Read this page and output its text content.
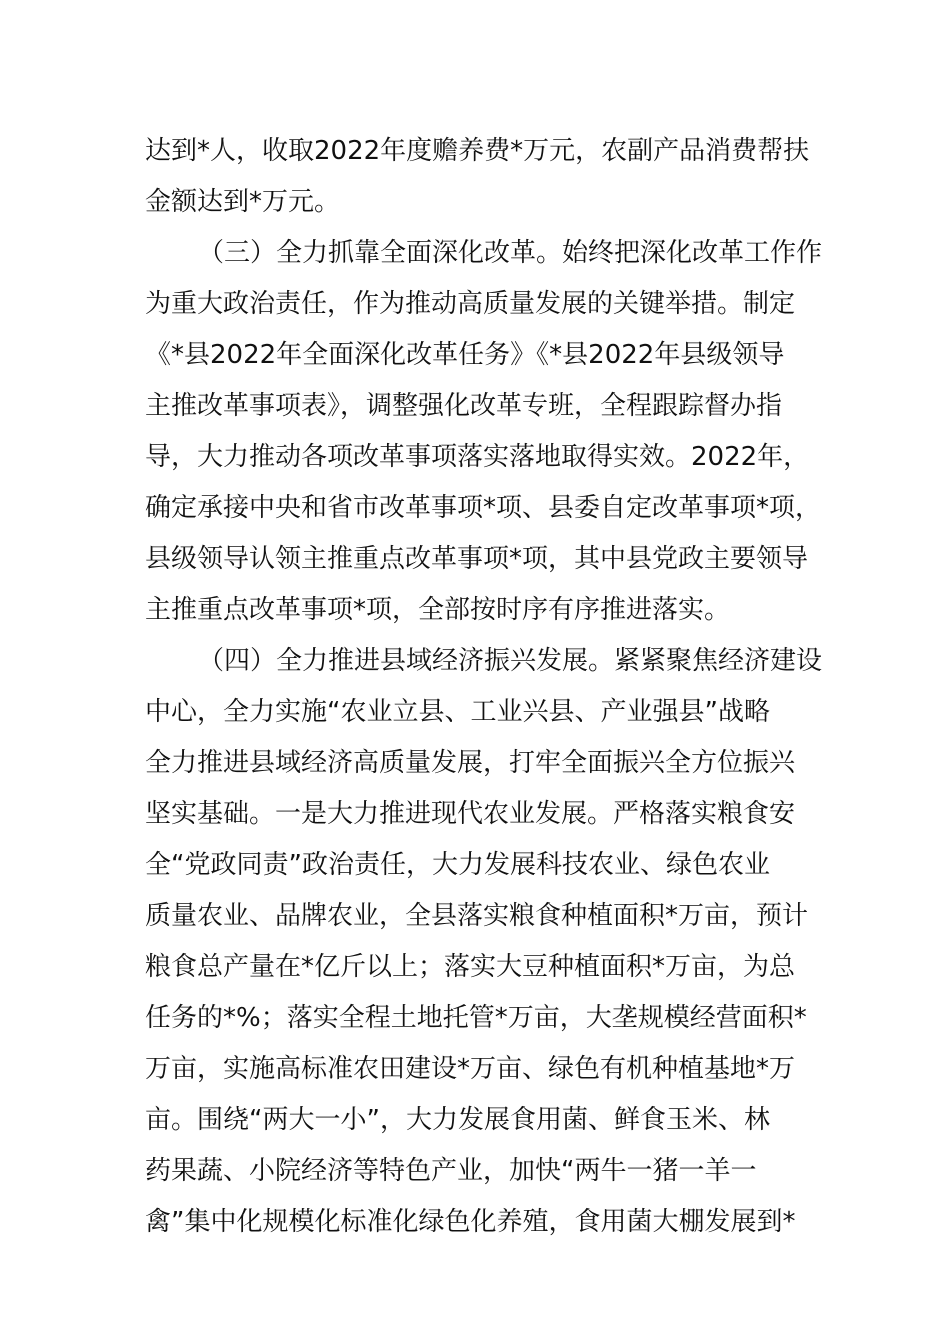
达到*人，收取2022年度赡养费*万元，农副产品消费帮扶
金额达到*万元。
（三）全力抓靠全面深化改革。始终把深化改革工作作
为重大政治责任，作为推动高质量发展的关键举措。制定
《*县2022年全面深化改革任务》《*县2022年县级领导
主推改革事项表》，调整强化改革专班，全程跟踪督办指
导，大力推动各项改革事项落实落地取得实效。2022年，
确定承接中央和省市改革事项*项、县委自定改革事项*项，
县级领导认领主推重点改革事项*项，其中县党政主要领导
主推重点改革事项*项，全部按时序有序推进落实。
（四）全力推进县域经济振兴发展。紧紧聚焦经济建设
中心，全力实施“农业立县、工业兴县、产业强县”战略
全力推进县域经济高质量发展，打牢全面振兴全方位振兴
坚实基础。一是大力推进现代农业发展。严格落实粮食安
全“党政同责”政治责任，大力发展科技农业、绿色农业
质量农业、品牌农业，全县落实粮食种植面积*万亩，预计
粮食总产量在*亿斤以上；落实大豆种植面积*万亩，为总
任务的*%；落实全程土地托管*万亩，大垄规模经营面积*
万亩，实施高标准农田建设*万亩、绿色有机种植基地*万
亩。围绕“两大一小”，大力发展食用菌、鲜食玉米、林
药果蔬、小院经济等特色产业，加快“两牛一猪一羊一
禽”集中化规模化标准化绿色化养殖，食用菌大棚发展到*
